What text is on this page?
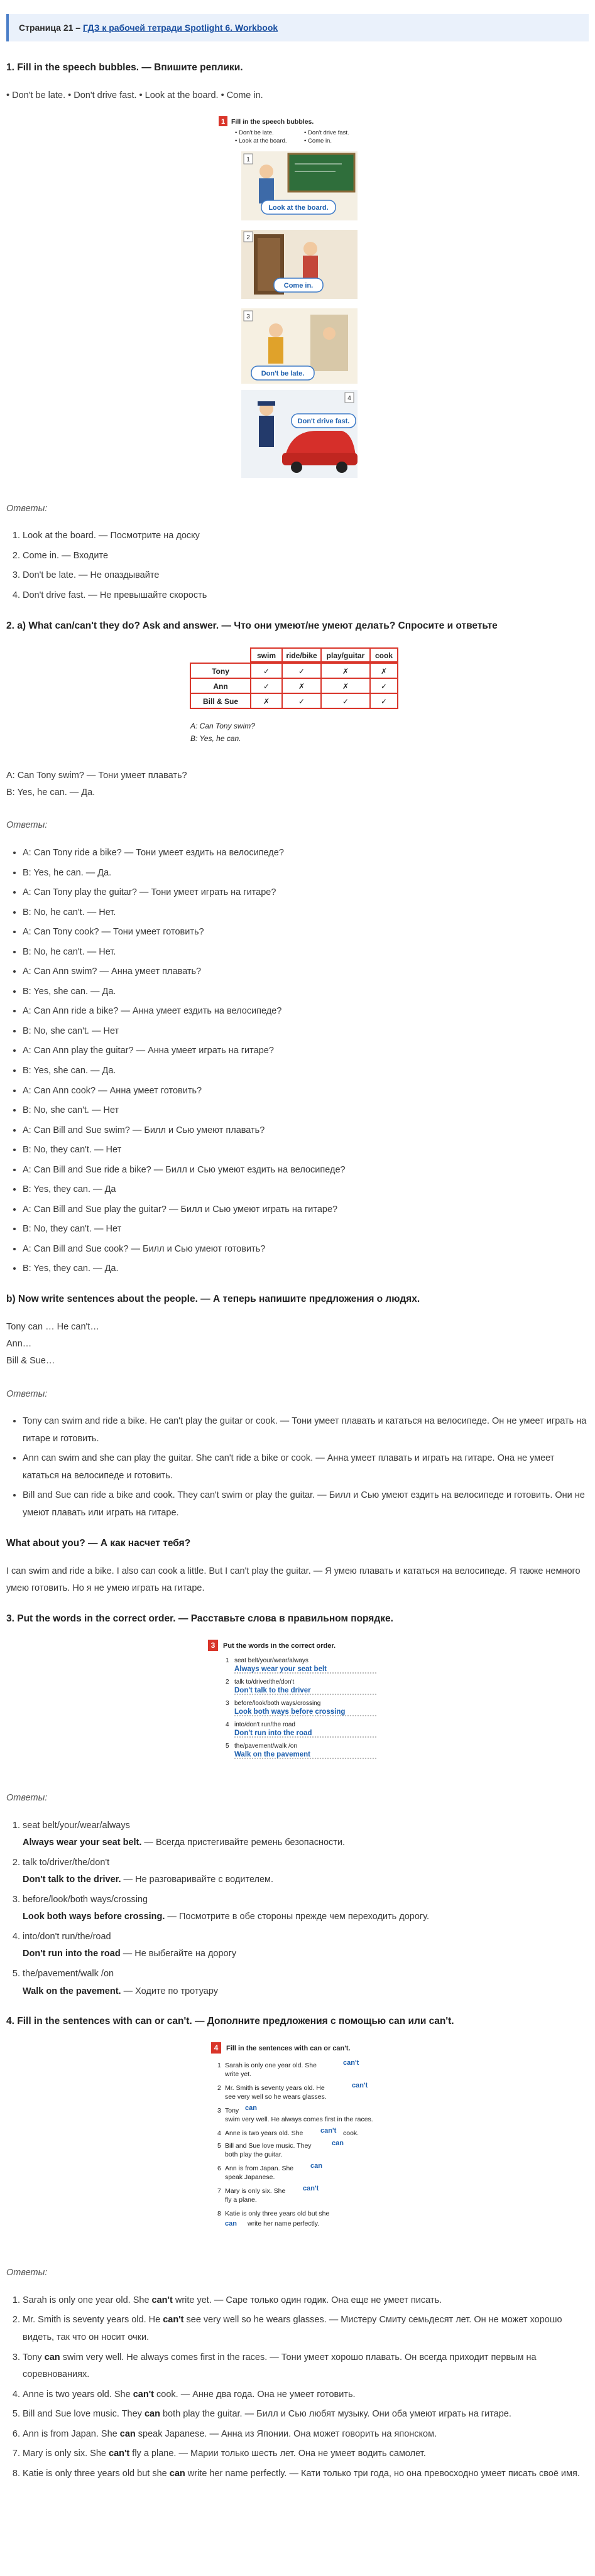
Страница 21 – ГДЗ к рабочей тетради Spotlight 6. Workbook
1. Fill in the speech bubbles. — Впишите реплики.

• Don't be late. • Don't drive fast. • Look at the board. • Come in.

1 Fill in the speech bubbles.
• Don't be late.	• Don't drive fast.
• Look at the board.	• Come in.
1
Look at the board.
2
Come in.
3
Don't be late.
4
Don't drive fast.

Ответы:

1. Look at the board. — Посмотрите на доску
2. Come in. — Входите
3. Don't be late. — Не опаздывайте
4. Don't drive fast. — Не превышайте скорость
2. a) What can/can't they do? Ask and answer. — Что они умеют/не умеют делать? Спросите и ответьте
swim ride/bike play/guitar cook
Tony	✓	✓	✗	✗
Ann	✓	✗	✗	✓
Bill & Sue	✗	✓	✓	✓
A: Can Tony swim?
B: Yes, he can.

A: Can Tony swim? — Тони умеет плавать?

B: Yes, he can. — Да.

Ответы:

• A: Can Tony ride a bike? — Тони умеет ездить на велосипеде?
• B: Yes, he can. — Да.
• A: Can Tony play the guitar? — Тони умеет играть на гитаре?
• B: No, he can't. — Нет.
• A: Can Tony cook? — Тони умеет готовить?
• B: No, he can't. — Нет.
• A: Can Ann swim? — Анна умеет плавать?
• B: Yes, she can. — Да.
• A: Can Ann ride a bike? — Анна умеет ездить на велосипеде?
• B: No, she can't. — Нет
• A: Can Ann play the guitar? — Анна умеет играть на гитаре?
• B: Yes, she can. — Да.
• A: Can Ann cook? — Анна умеет готовить?
• B: No, she can't. — Нет
• A: Can Bill and Sue swim? — Билл и Сью умеют плавать?
• B: No, they can't. — Нет
• A: Can Bill and Sue ride a bike? — Билл и Сью умеют ездить на велосипеде?
• B: Yes, they can. — Да
• A: Can Bill and Sue play the guitar? — Билл и Сью умеют играть на гитаре?
• B: No, they can't. — Нет
• A: Can Bill and Sue cook? — Билл и Сью умеют готовить?
• B: Yes, they can. — Да.
b) Now write sentences about the people. — А теперь напишите предложения о людях.

Tony can … He can't…

Ann…

Bill & Sue…

Ответы:

• Tony can swim and ride a bike. He can't play the guitar or cook. — Тони умеет плавать и кататься на велосипеде. Он не умеет играть на гитаре и готовить.
• Ann can swim and she can play the guitar. She can't ride a bike or cook. — Анна умеет плавать и играть на гитаре. Она не умеет кататься на велосипеде и готовить.
• Bill and Sue can ride a bike and cook. They can't swim or play the guitar. — Билл и Сью умеют ездить на велосипеде и готовить. Они не умеют плавать или играть на гитаре.
What about you? — А как насчет тебя?

I can swim and ride a bike. I also can cook a little. But I can't play the guitar. — Я умею плавать и кататься на велосипеде. Я также немного умею готовить. Но я не умею играть на гитаре.

3. Put the words in the correct order. — Расставьте слова в правильном порядке.
3 Put the words in the correct order.
1 seat belt/your/wear/always
Always wear your seat belt
2 talk to/driver/the/don't
Don't talk to the driver
3 before/look/both ways/crossing
Look both ways before crossing
4 into/don't run/the road
Don't run into the road
5 the/pavement/walk /on
Walk on the pavement

Ответы:

1. seat belt/your/wear/always
Always wear your seat belt. — Всегда пристегивайте ремень безопасности.
2. talk to/driver/the/don't
Don't talk to the driver. — Не разговаривайте с водителем.
3. before/look/both ways/crossing
Look both ways before crossing. — Посмотрите в обе стороны прежде чем переходить дорогу.
4. into/don't run/the/road
Don't run into the road — Не выбегайте на дорогу
5. the/pavement/walk /on
Walk on the pavement. — Ходите по тротуару
4. Fill in the sentences with can or can't. — Дополните предложения с помощью can или can't.
4 Fill in the sentences with can or can't.
1 Sarah is only one year old. She	can't
write yet.
2 Mr. Smith is seventy years old. He	can't
see very well so he wears glasses.
3 Tony can
swim very well. He always comes first in the races.
4 Anne is two years old. She	can't cook.
5 Bill and Sue love music. They	can
both play the guitar.
6 Ann is from Japan. She can
speak Japanese.
7 Mary is only six. She	can't
fly a plane.
8 Katie is only three years old but she
can write her name perfectly.

Ответы:

1. Sarah is only one year old. She can't write yet. — Саре только один годик. Она еще не умеет писать.
2. Mr. Smith is seventy years old. He can't see very well so he wears glasses. — Мистеру Смиту семьдесят лет. Он не может хорошо видеть, так что он носит очки.
3. Tony can swim very well. He always comes first in the races. — Тони умеет хорошо плавать. Он всегда приходит первым на соревнованиях.
4. Anne is two years old. She can't cook. — Анне два года. Она не умеет готовить.
5. Bill and Sue love music. They can both play the guitar. — Билл и Сью любят музыку. Они оба умеют играть на гитаре.
6. Ann is from Japan. She can speak Japanese. — Анна из Японии. Она может говорить на японском.
7. Mary is only six. She can't fly a plane. — Марии только шесть лет. Она не умеет водить самолет.
8. Katie is only three years old but she can write her name perfectly. — Кати только три года, но она превосходно умеет писать своё имя.
